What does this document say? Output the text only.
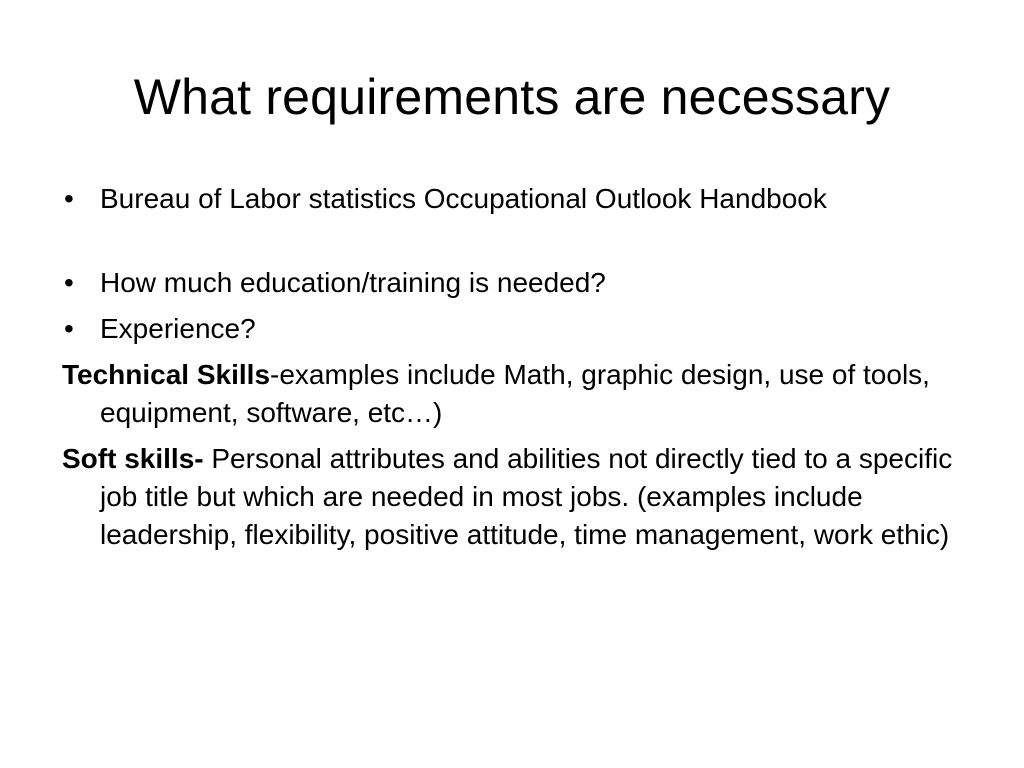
What requirements are necessary
• Bureau of Labor statistics Occupational Outlook Handbook
• How much education/training is needed?
• Experience?

Technical Skills-examples include Math, graphic design, use of tools, equipment, software, etc…)

Soft skills- Personal attributes and abilities not directly tied to a specific job title but which are needed in most jobs. (examples include leadership, flexibility, positive attitude, time management, work ethic)
